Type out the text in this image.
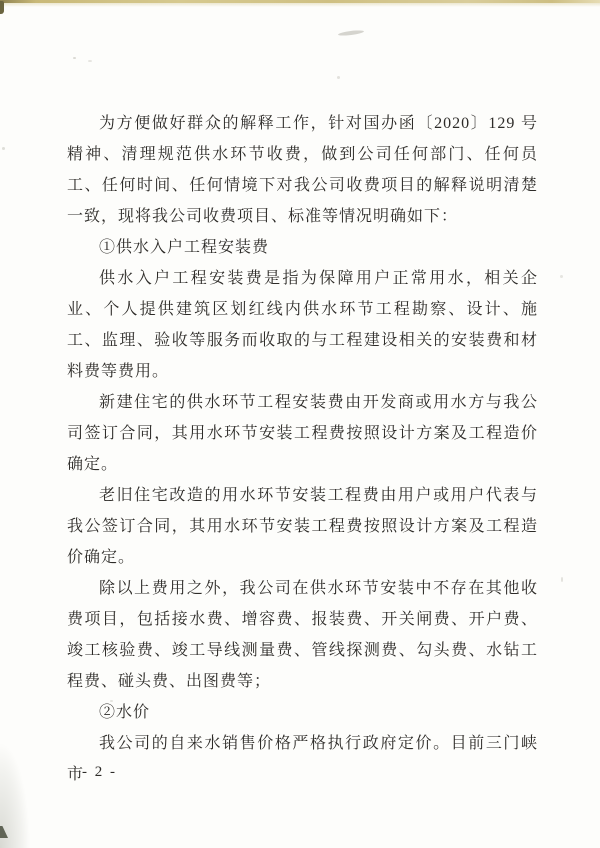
为方便做好群众的解释工作，针对国办函〔2020〕129 号精神、清理规范供水环节收费，做到公司任何部门、任何员工、任何时间、任何情境下对我公司收费项目的解释说明清楚一致，现将我公司收费项目、标准等情况明确如下：

①供水入户工程安装费

供水入户工程安装费是指为保障用户正常用水，相关企业、个人提供建筑区划红线内供水环节工程勘察、设计、施工、监理、验收等服务而收取的与工程建设相关的安装费和材料费等费用。

新建住宅的供水环节工程安装费由开发商或用水方与我公司签订合同，其用水环节安装工程费按照设计方案及工程造价确定。

老旧住宅改造的用水环节安装工程费由用户或用户代表与我公签订合同，其用水环节安装工程费按照设计方案及工程造价确定。

除以上费用之外，我公司在供水环节安装中不存在其他收费项目，包括接水费、增容费、报装费、开关闸费、开户费、竣工核验费、竣工导线测量费、管线探测费、勾头费、水钻工程费、碰头费、出图费等；

②水价

我公司的自来水销售价格严格执行政府定价。目前三门峡市

- 2 -
